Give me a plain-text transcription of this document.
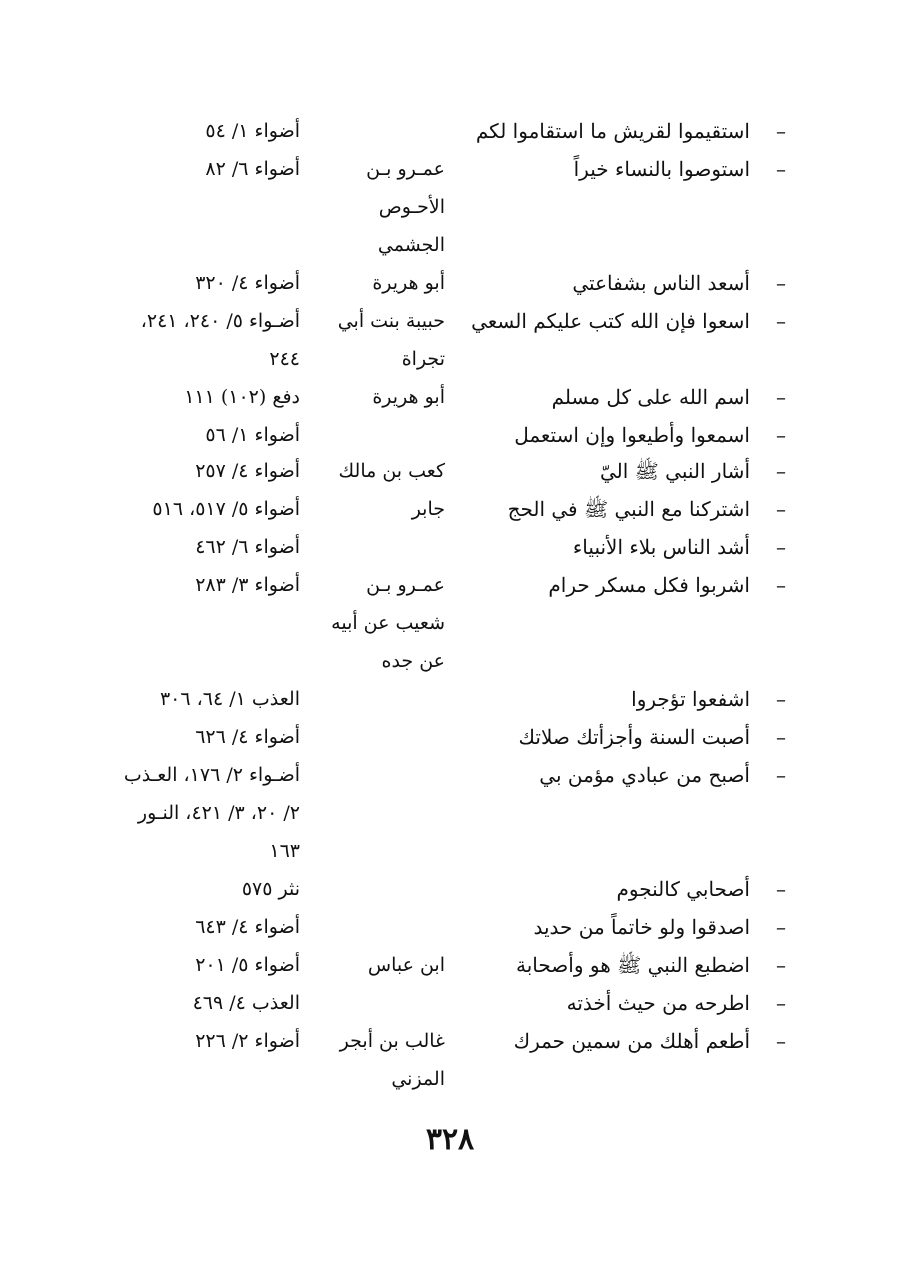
–
استقيموا لقريش ما استقاموا لكم
أضواء ١/ ٥٤
–
استوصوا بالنساء خيراً
عمـرو بـن
أضواء ٦/ ٨٢
الأحـوص
الجشمي
–
أسعد الناس بشفاعتي
أبو هريرة
أضواء ٤/ ٣٢٠
–
اسعوا فإن الله كتب عليكم السعي
حبيبة بنت أبي
أضـواء ٥/ ٢٤٠، ٢٤١،
تجراة
٢٤٤
–
اسم الله على كل مسلم
أبو هريرة
دفع (١٠٢) ١١١
–
اسمعوا وأطيعوا وإن استعمل
أضواء ١/ ٥٦
–
أشار النبي ﷺ اليّ
كعب بن مالك
أضواء ٤/ ٢٥٧
–
اشتركنا مع النبي ﷺ في الحج
جابر
أضواء ٥/ ٥١٧، ٥١٦
–
أشد الناس بلاء الأنبياء
أضواء ٦/ ٤٦٢
–
اشربوا فكل مسكر حرام
عمـرو بـن
أضواء ٣/ ٢٨٣
شعيب عن أبيه
عن جده
–
اشفعوا تؤجروا
العذب ١/ ٦٤، ٣٠٦
–
أصبت السنة وأجزأتك صلاتك
أضواء ٤/ ٦٢٦
–
أصبح من عبادي مؤمن بي
أضـواء ٢/ ١٧٦، العـذب
٢/ ٢٠، ٣/ ٤٢١، النـور
١٦٣
–
أصحابي كالنجوم
نثر ٥٧٥
–
اصدقوا ولو خاتماً من حديد
أضواء ٤/ ٦٤٣
–
اضطبع النبي ﷺ هو وأصحابة
ابن عباس
أضواء ٥/ ٢٠١
–
اطرحه من حيث أخذته
العذب ٤/ ٤٦٩
–
أطعم أهلك من سمين حمرك
غالب بن أبجر
أضواء ٢/ ٢٢٦
المزني
٣٢٨
